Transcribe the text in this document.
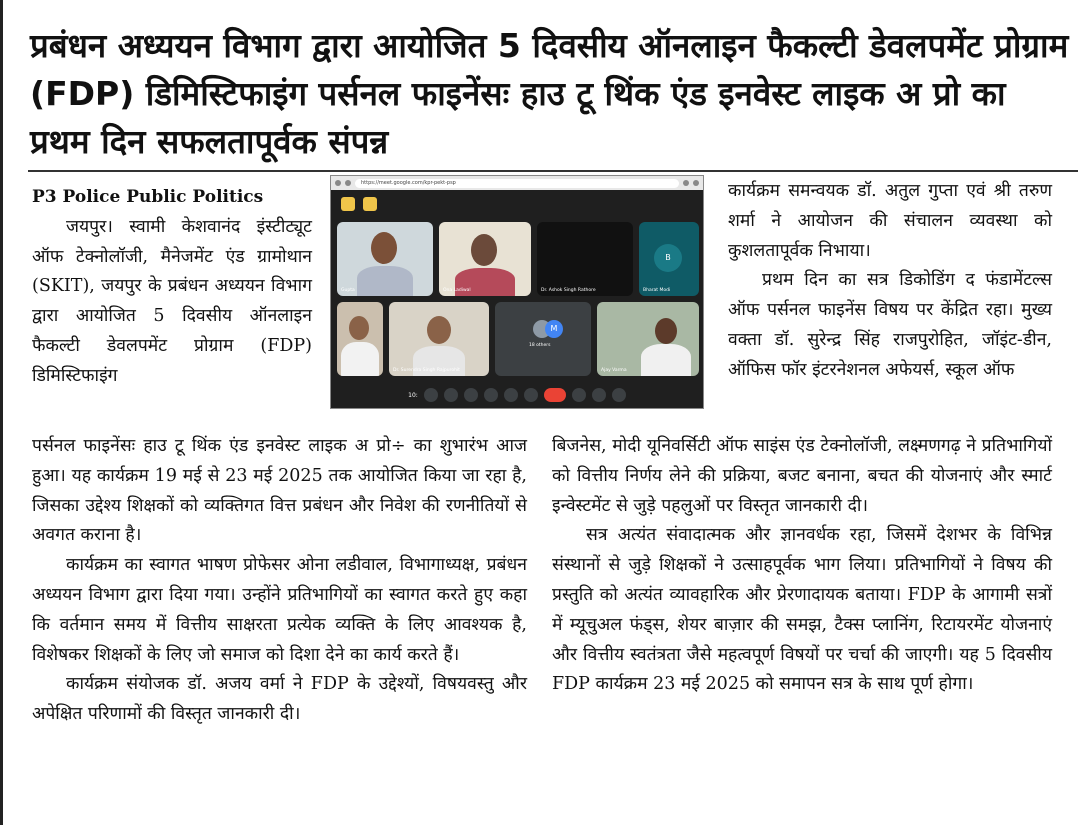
प्रबंधन अध्ययन विभाग द्वारा आयोजित 5 दिवसीय ऑनलाइन फैकल्टी डेवलपमेंट प्रोग्राम (FDP) डिमिस्टिफाइंग पर्सनल फाइनेंसः हाउ टू थिंक एंड इनवेस्ट लाइक अ प्रो का प्रथम दिन सफलतापूर्वक संपन्न

P3 Police Public Politics

जयपुर। स्वामी केशवानंद इंस्टीट्यूट ऑफ टेक्नोलॉजी, मैनेजमेंट एंड ग्रामोथान (SKIT), जयपुर के प्रबंधन अध्ययन विभाग द्वारा आयोजित 5 दिवसीय ऑनलाइन फैकल्टी डेवलपमेंट प्रोग्राम (FDP) डिमिस्टिफाइंग

https://meet.google.com/kpr-pekt-psp
Gupta	Ona Ladiwal	Dr. Ashok Singh Rathore
B
Bharat Modi
Dr. Surendra Singh Rajpurohit
M
18 others
Ajay Varma
10:

कार्यक्रम समन्वयक डॉ. अतुल गुप्ता एवं श्री तरुण शर्मा ने आयोजन की संचालन व्यवस्था को कुशलतापूर्वक निभाया।

प्रथम दिन का सत्र डिकोडिंग द फंडामेंटल्स ऑफ पर्सनल फाइनेंस विषय पर केंद्रित रहा। मुख्य वक्ता डॉ. सुरेन्द्र सिंह राजपुरोहित, जॉइंट-डीन, ऑफिस फॉर इंटरनेशनल अफेयर्स, स्कूल ऑफ

पर्सनल फाइनेंसः हाउ टू थिंक एंड इनवेस्ट लाइक अ प्रो÷ का शुभारंभ आज हुआ। यह कार्यक्रम 19 मई से 23 मई 2025 तक आयोजित किया जा रहा है, जिसका उद्देश्य शिक्षकों को व्यक्तिगत वित्त प्रबंधन और निवेश की रणनीतियों से अवगत कराना है।

कार्यक्रम का स्वागत भाषण प्रोफेसर ओना लडीवाल, विभागाध्यक्ष, प्रबंधन अध्ययन विभाग द्वारा दिया गया। उन्होंने प्रतिभागियों का स्वागत करते हुए कहा कि वर्तमान समय में वित्तीय साक्षरता प्रत्येक व्यक्ति के लिए आवश्यक है, विशेषकर शिक्षकों के लिए जो समाज को दिशा देने का कार्य करते हैं।

कार्यक्रम संयोजक डॉ. अजय वर्मा ने FDP के उद्देश्यों, विषयवस्तु और अपेक्षित परिणामों की विस्तृत जानकारी दी।

बिजनेस, मोदी यूनिवर्सिटी ऑफ साइंस एंड टेक्नोलॉजी, लक्ष्मणगढ़ ने प्रतिभागियों को वित्तीय निर्णय लेने की प्रक्रिया, बजट बनाना, बचत की योजनाएं और स्मार्ट इन्वेस्टमेंट से जुड़े पहलुओं पर विस्तृत जानकारी दी।

सत्र अत्यंत संवादात्मक और ज्ञानवर्धक रहा, जिसमें देशभर के विभिन्न संस्थानों से जुड़े शिक्षकों ने उत्साहपूर्वक भाग लिया। प्रतिभागियों ने विषय की प्रस्तुति को अत्यंत व्यावहारिक और प्रेरणादायक बताया। FDP के आगामी सत्रों में म्यूचुअल फंड्स, शेयर बाज़ार की समझ, टैक्स प्लानिंग, रिटायरमेंट योजनाएं और वित्तीय स्वतंत्रता जैसे महत्वपूर्ण विषयों पर चर्चा की जाएगी। यह 5 दिवसीय FDP कार्यक्रम 23 मई 2025 को समापन सत्र के साथ पूर्ण होगा।
